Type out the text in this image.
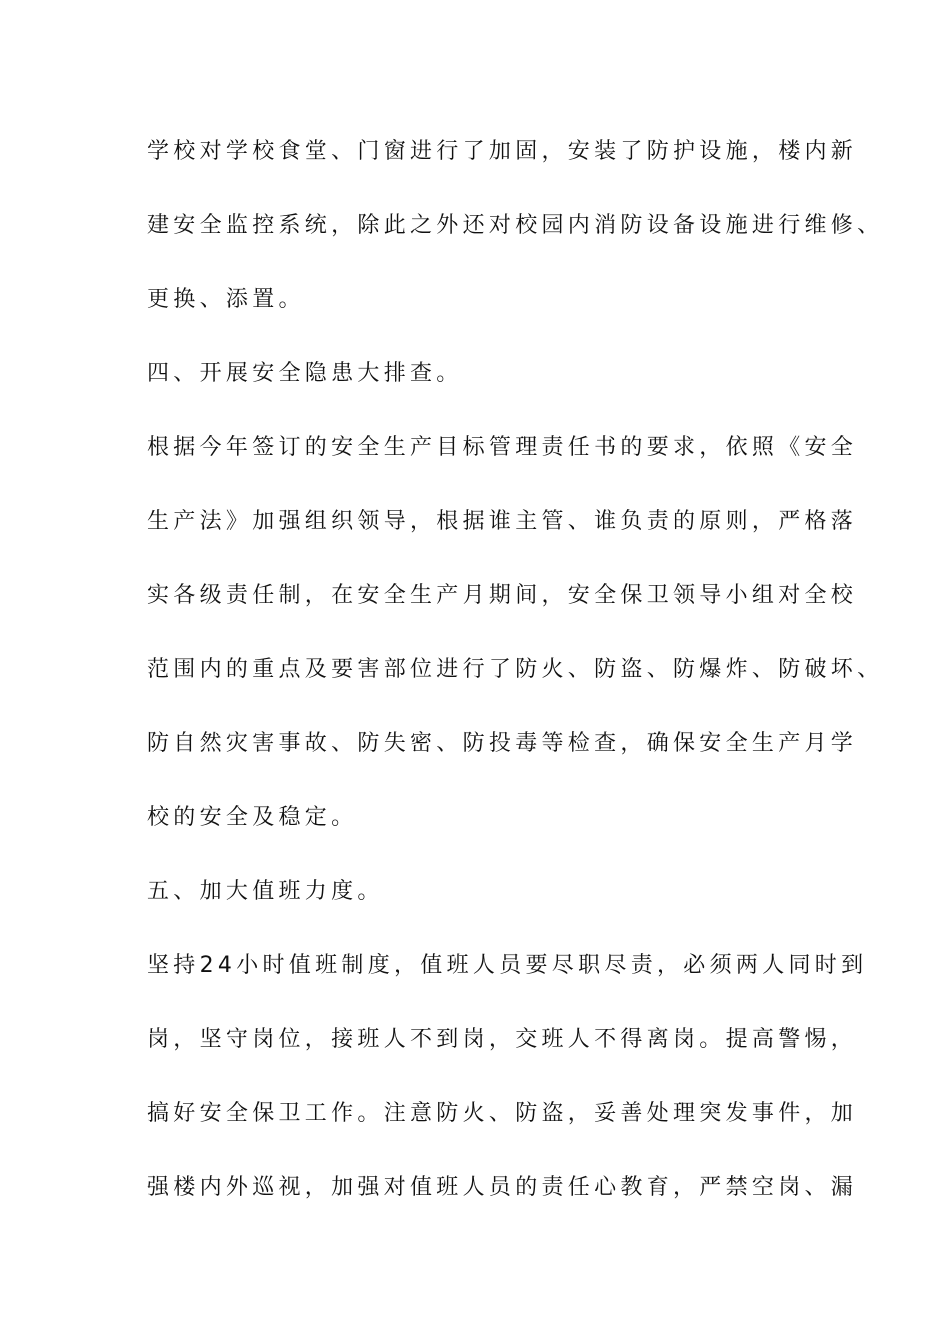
学校对学校食堂、门窗进行了加固，安装了防护设施，楼内新
建安全监控系统，除此之外还对校园内消防设备设施进行维修、
更换、添置。
四、开展安全隐患大排查。
根据今年签订的安全生产目标管理责任书的要求，依照《安全
生产法》加强组织领导，根据谁主管、谁负责的原则，严格落
实各级责任制，在安全生产月期间，安全保卫领导小组对全校
范围内的重点及要害部位进行了防火、防盗、防爆炸、防破坏、
防自然灾害事故、防失密、防投毒等检查，确保安全生产月学
校的安全及稳定。
五、加大值班力度。
坚持24小时值班制度，值班人员要尽职尽责，必须两人同时到
岗，坚守岗位，接班人不到岗，交班人不得离岗。提高警惕，
搞好安全保卫工作。注意防火、防盗，妥善处理突发事件，加
强楼内外巡视，加强对值班人员的责任心教育，严禁空岗、漏
